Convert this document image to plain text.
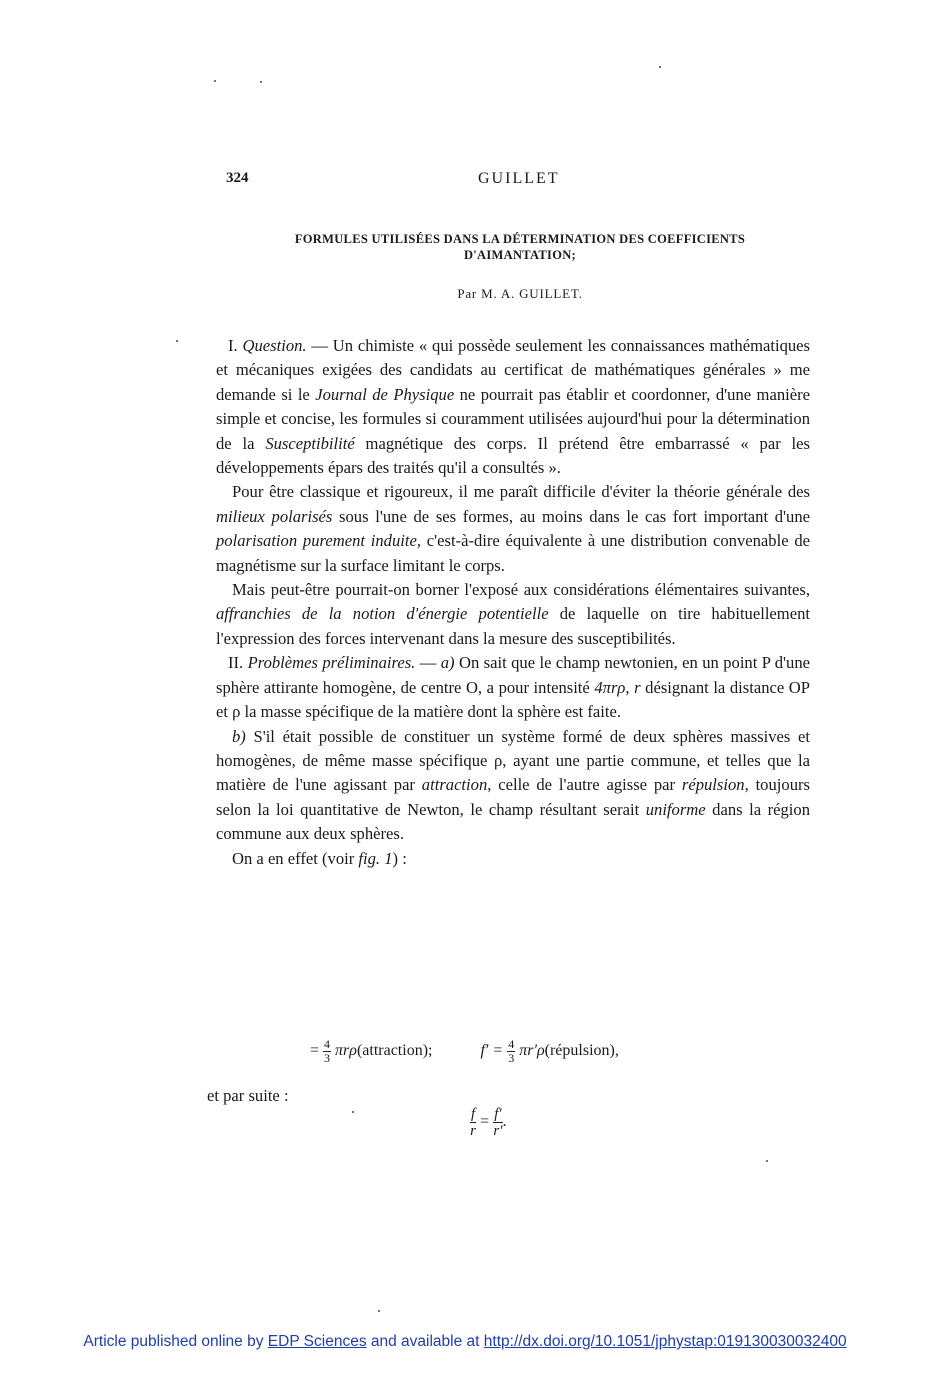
324	GUILLET
FORMULES UTILISÉES DANS LA DÉTERMINATION DES COEFFICIENTS
D'AIMANTATION;
Par M. A. GUILLET.

I. Question. — Un chimiste « qui possède seulement les connaissances mathématiques et mécaniques exigées des candidats au certificat de mathématiques générales » me demande si le Journal de Physique ne pourrait pas établir et coordonner, d'une manière simple et concise, les formules si couramment utilisées aujourd'hui pour la détermination de la Susceptibilité magnétique des corps. Il prétend être embarrassé « par les développements épars des traités qu'il a consultés ».

Pour être classique et rigoureux, il me paraît difficile d'éviter la théorie générale des milieux polarisés sous l'une de ses formes, au moins dans le cas fort important d'une polarisation purement induite, c'est-à-dire équivalente à une distribution convenable de magnétisme sur la surface limitant le corps.

Mais peut-être pourrait-on borner l'exposé aux considérations élémentaires suivantes, affranchies de la notion d'énergie potentielle de laquelle on tire habituellement l'expression des forces intervenant dans la mesure des susceptibilités.

II. Problèmes préliminaires. — a) On sait que le champ newtonien, en un point P d'une sphère attirante homogène, de centre O, a pour intensité 4πrρ, r désignant la distance OP et ρ la masse spécifique de la matière dont la sphère est faite.

b) S'il était possible de constituer un système formé de deux sphères massives et homogènes, de même masse spécifique ρ, ayant une partie commune, et telles que la matière de l'une agissant par attraction, celle de l'autre agisse par répulsion, toujours selon la loi quantitative de Newton, le champ résultant serait uniforme dans la région commune aux deux sphères.

On a en effet (voir fig. 1) :

= $\frac{4}{3}$ πrρ(attraction);	$f' = \frac{4}{3}$ πr′ρ(répulsion),
et par suite :
$\frac{f}{r} = \frac{f'}{r'}$ .
Article published online by EDP Sciences and available at http://dx.doi.org/10.1051/jphystap:019130030032400
